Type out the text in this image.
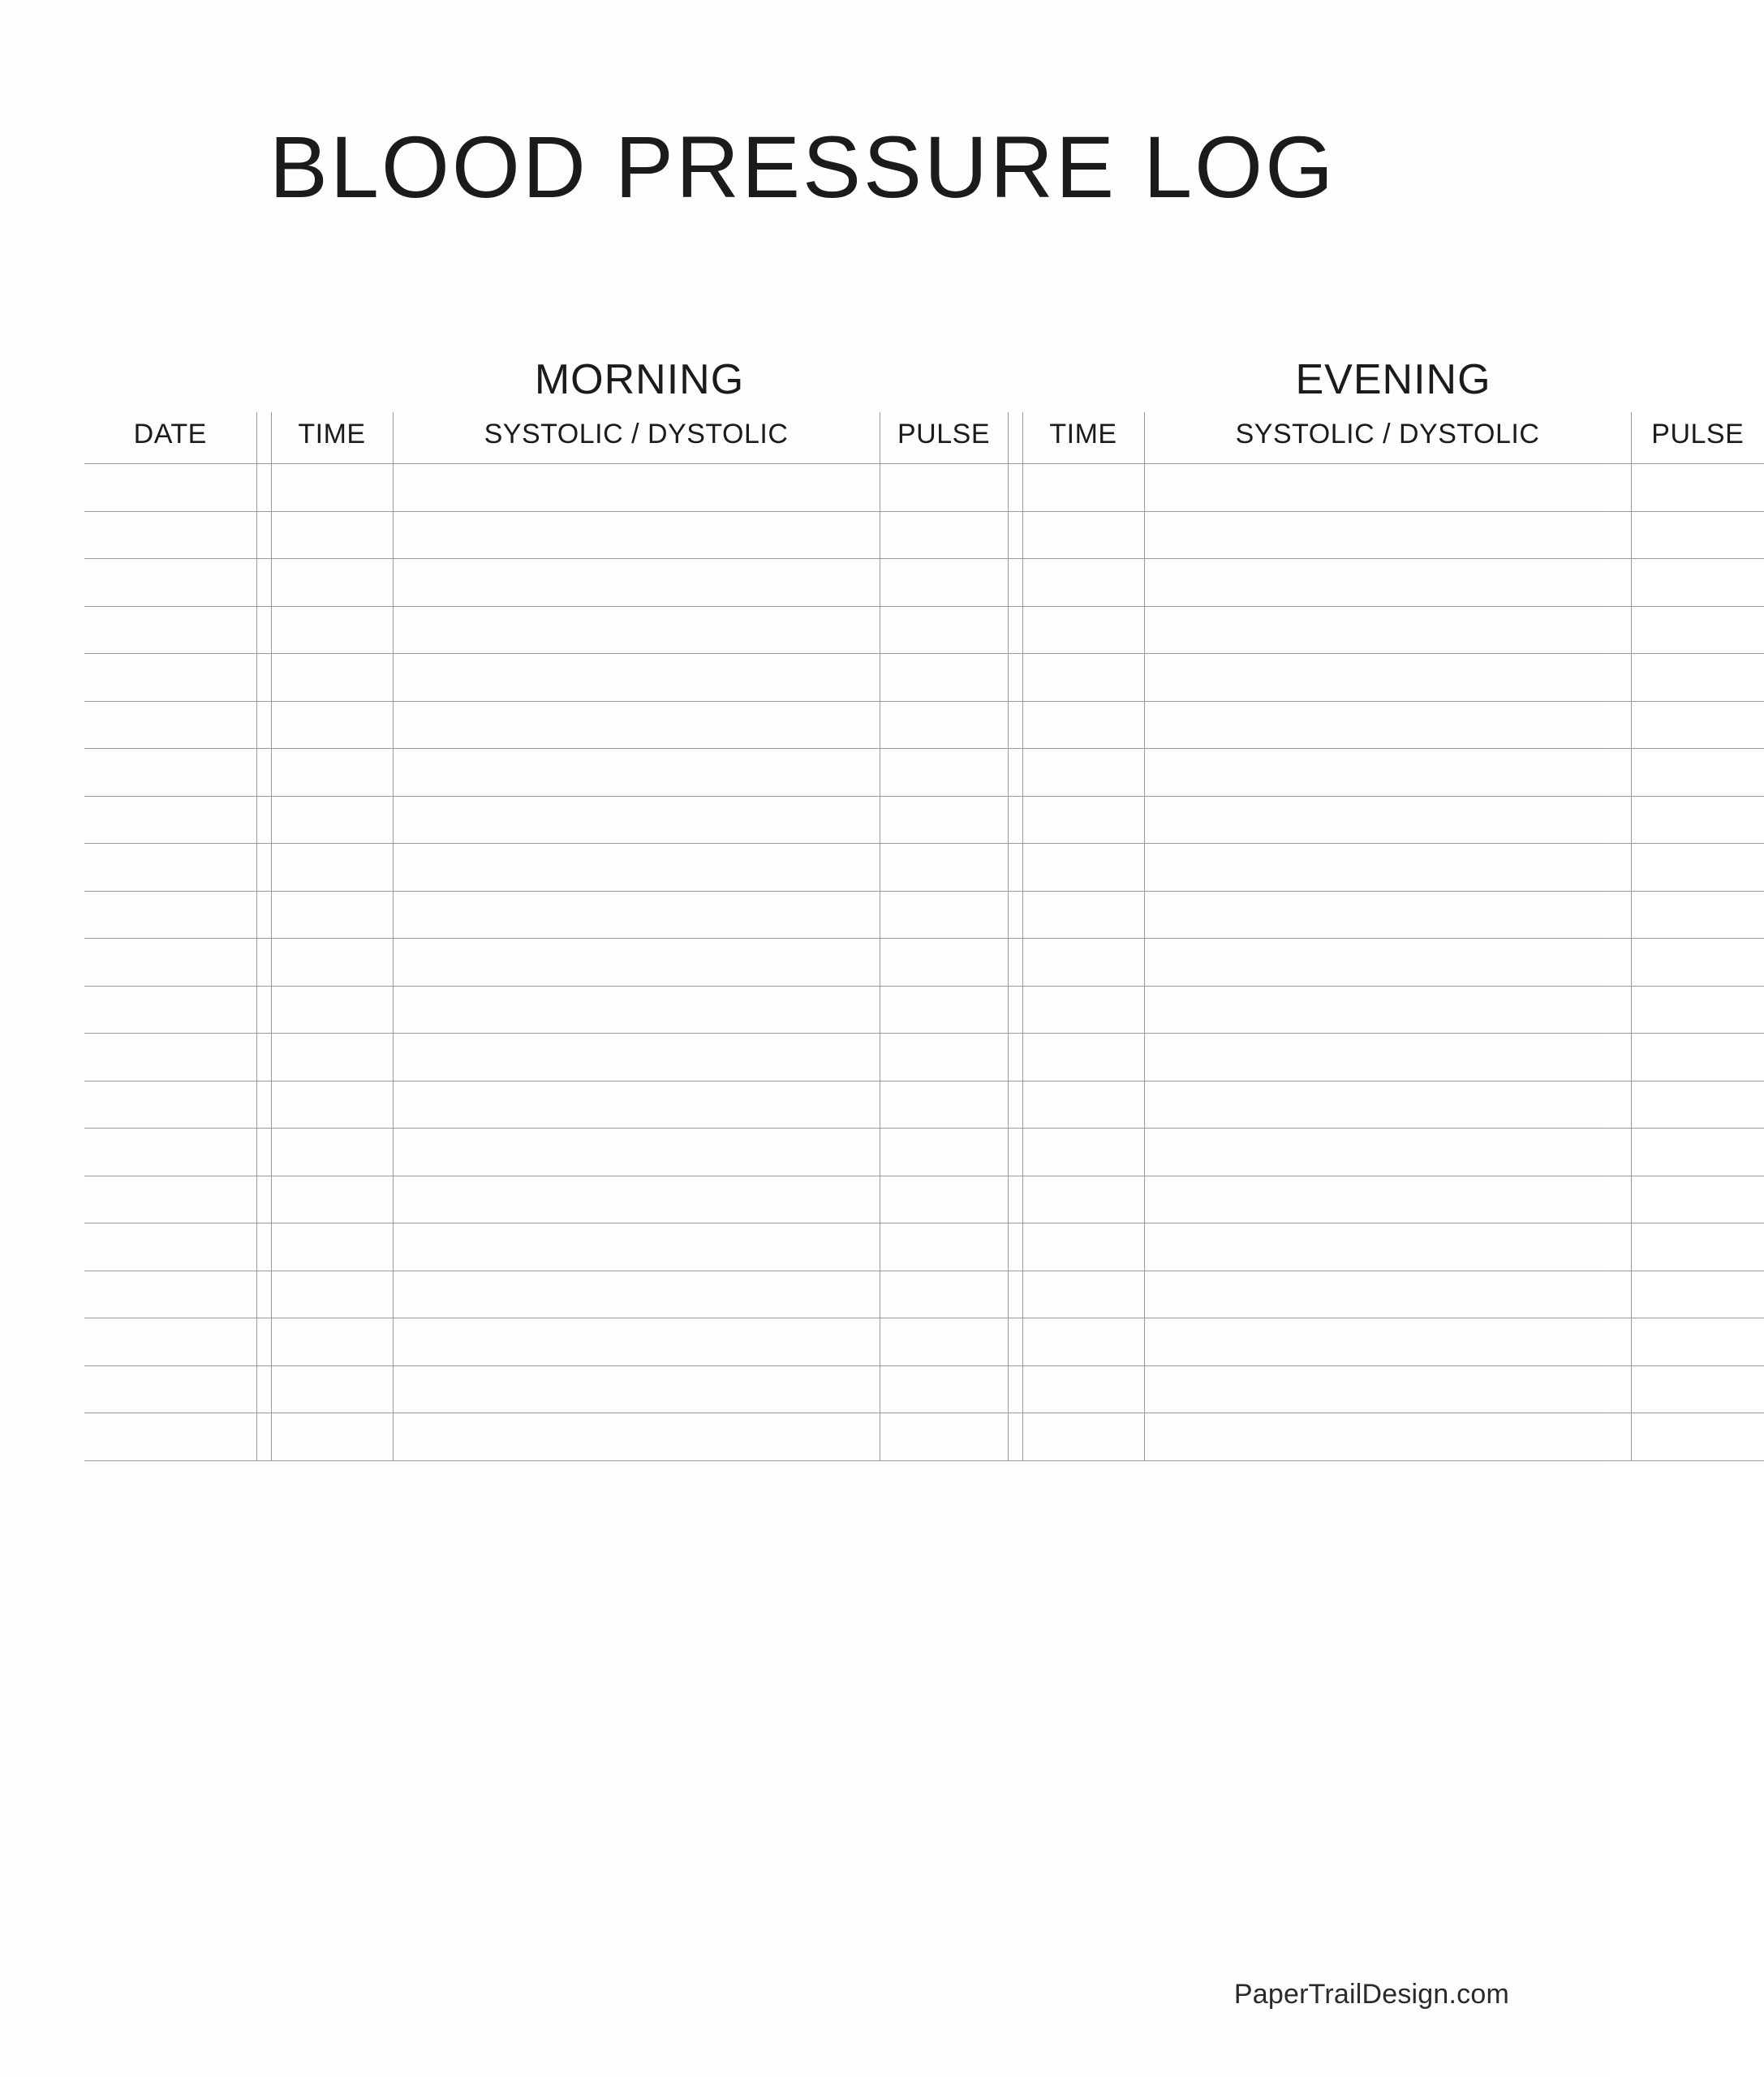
BLOOD PRESSURE LOG
		MORNING				EVENING		
DATE		TIME	SYSTOLIC / DYSTOLIC	PULSE		TIME	SYSTOLIC / DYSTOLIC	PULSE

PaperTrailDesign.com
